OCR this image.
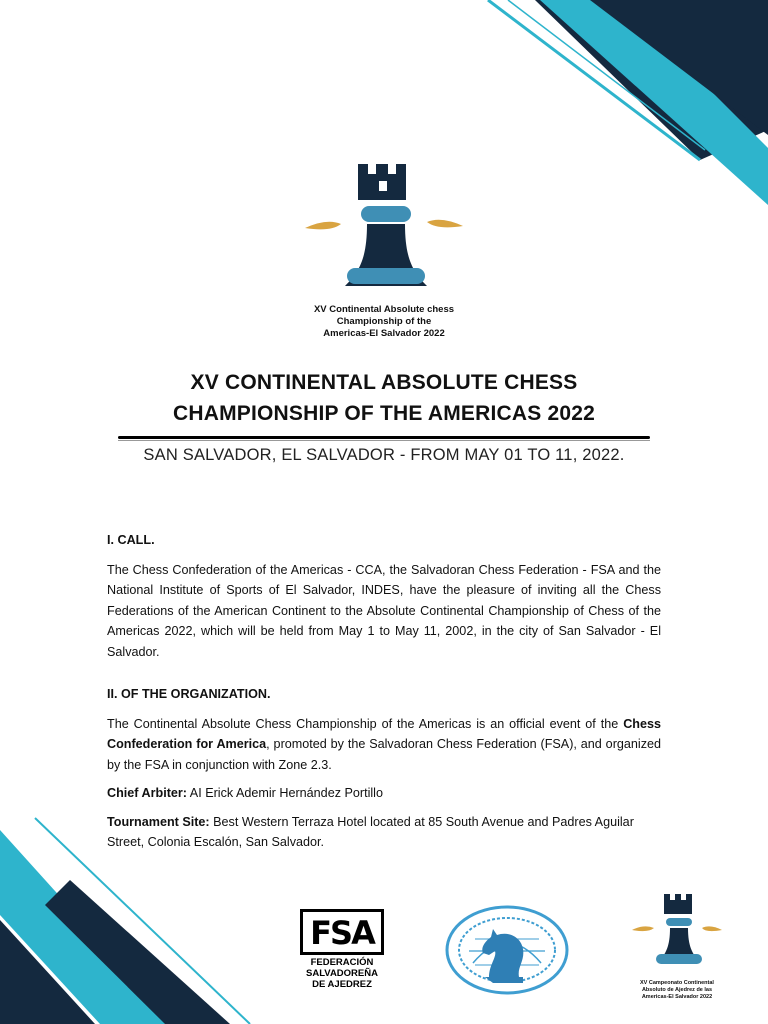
XV Continental Absolute chess
Championship of the
Americas-El Salvador 2022
XV CONTINENTAL ABSOLUTE CHESS
CHAMPIONSHIP OF THE AMERICAS 2022
SAN SALVADOR, EL SALVADOR - FROM MAY 01 TO 11, 2022.
I. CALL.
The Chess Confederation of the Americas - CCA, the Salvadoran Chess Federation - FSA and the National Institute of Sports of El Salvador, INDES, have the pleasure of inviting all the Chess Federations of the American Continent to the Absolute Continental Championship of Chess of the Americas 2022, which will be held from May 1 to May 11, 2002, in the city of San Salvador - El Salvador.
II. OF THE ORGANIZATION.
The Continental Absolute Chess Championship of the Americas is an official event of the Chess Confederation for America, promoted by the Salvadoran Chess Federation (FSA), and organized by the FSA in conjunction with Zone 2.3.
Chief Arbiter: AI Erick Ademir Hernández Portillo
Tournament Site: Best Western Terraza Hotel located at 85 South Avenue and Padres Aguilar Street, Colonia Escalón, San Salvador.
FSA
FEDERACIÓN
SALVADOREÑA
DE AJEDREZ	XV Campeonato Continental
Absoluto de Ajedrez de las
Americas-El Salvador 2022
